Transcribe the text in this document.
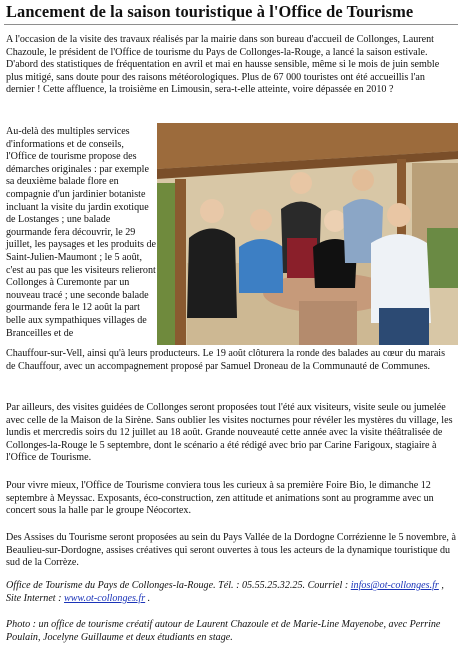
Lancement de la saison touristique à l'Office de Tourisme

A l'occasion de la visite des travaux réalisés par la mairie dans son bureau d'accueil de Collonges, Laurent Chazoule, le président de l'Office de tourisme du Pays de Collonges-la-Rouge, a lancé la saison estivale. D'abord des statistiques de fréquentation en avril et mai en hausse sensible, même si le mois de juin semble plus mitigé, sans doute pour des raisons météorologiques. Plus de 67 000 touristes ont été accueillis l'an dernier ! Cette affluence, la troisième en Limousin, sera-t-elle atteinte, voire dépassée en 2010 ?

Au-delà des multiples services d'informations et de conseils, l'Office de tourisme propose des démarches originales : par exemple sa deuxième balade flore en compagnie d'un jardinier botaniste incluant la visite du jardin exotique de Lostanges ; une balade gourmande fera découvrir, le 29 juillet, les paysages et les produits de Saint-Julien-Maumont ; le 5 août, c'est au pas que les visiteurs relieront Collonges à Curemonte par un nouveau tracé ; une seconde balade gourmande fera le 12 août la part belle aux sympathiques villages de Branceilles et de

Chauffour-sur-Vell, ainsi qu'à leurs producteurs. Le 19 août clôturera la ronde des balades au cœur du marais de Chauffour, avec un accompagnement proposé par Samuel Droneau de la Communauté de Communes.

Par ailleurs, des visites guidées de Collonges seront proposées tout l'été aux visiteurs, visite seule ou jumelée avec celle de la Maison de la Sirène. Sans oublier les visites nocturnes pour révéler les mystères du village, les lundis et mercredis soirs du 12 juillet au 18 août. Grande nouveauté cette année avec la visite théâtralisée de Collonges-la-Rouge le 5 septembre, dont le scénario a été rédigé avec brio par Carine Farigoux, stagiaire à l'Office de Tourisme.

Pour vivre mieux, l'Office de Tourisme conviera tous les curieux à sa première Foire Bio, le dimanche 12 septembre à Meyssac. Exposants, éco-construction, zen attitude et animations sont au programme avec un concert sous la halle par le groupe Néocortex.

Des Assises du Tourisme seront proposées au sein du Pays Vallée de la Dordogne Corrézienne le 5 novembre, à Beaulieu-sur-Dordogne, assises créatives qui seront ouvertes à tous les acteurs de la dynamique touristique du sud de la Corrèze.

Office de Tourisme du Pays de Collonges-la-Rouge. Tél. : 05.55.25.32.25. Courriel : infos@ot-collonges.fr , Site Internet : www.ot-collonges.fr .

Photo : un office de tourisme créatif autour de Laurent Chazoule et de Marie-Line Mayenobe, avec Perrine Poulain, Jocelyne Guillaume et deux étudiants en stage.
